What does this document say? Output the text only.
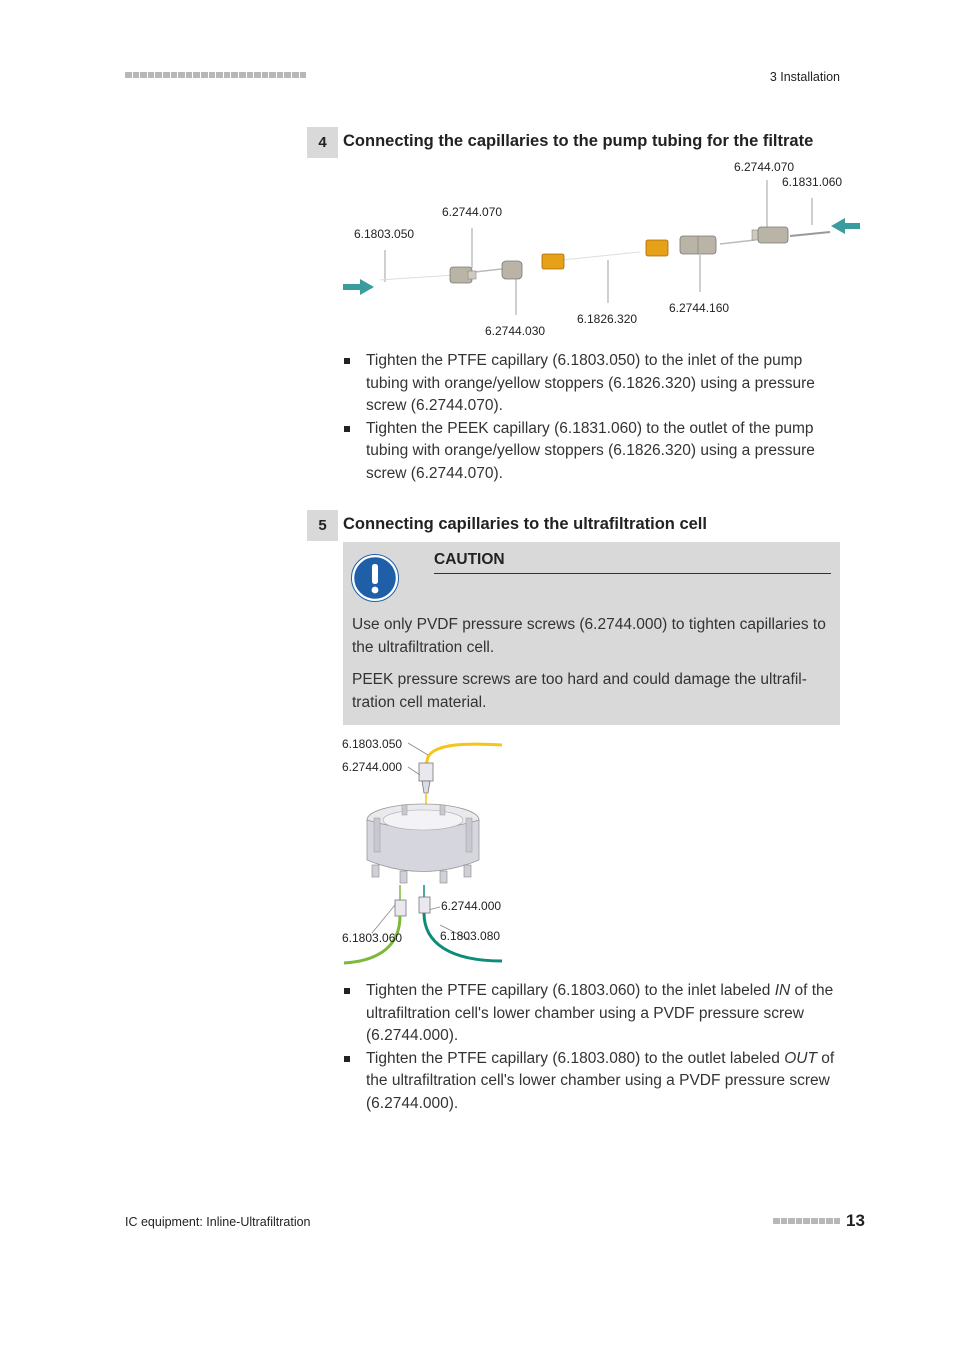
3 Installation
4 Connecting the capillaries to the pump tubing for the filtrate
6.2744.070
6.1831.060
6.2744.070
6.1803.050
6.2744.160
6.1826.320
6.2744.030
Tighten the PTFE capillary (6.1803.050) to the inlet of the pump tubing with orange/yellow stoppers (6.1826.320) using a pressure screw (6.2744.070).
Tighten the PEEK capillary (6.1831.060) to the outlet of the pump tubing with orange/yellow stoppers (6.1826.320) using a pressure screw (6.2744.070).
5 Connecting capillaries to the ultrafiltration cell
CAUTION
Use only PVDF pressure screws (6.2744.000) to tighten capillaries to the ultrafiltration cell.
PEEK pressure screws are too hard and could damage the ultrafil-tration cell material.
6.1803.050
6.2744.000
6.2744.000
6.1803.060	6.1803.080
Tighten the PTFE capillary (6.1803.060) to the inlet labeled IN of the ultrafiltration cell's lower chamber using a PVDF pressure screw (6.2744.000).
Tighten the PTFE capillary (6.1803.080) to the outlet labeled OUT of the ultrafiltration cell's lower chamber using a PVDF pressure screw (6.2744.000).
IC equipment: Inline-Ultrafiltration	13
